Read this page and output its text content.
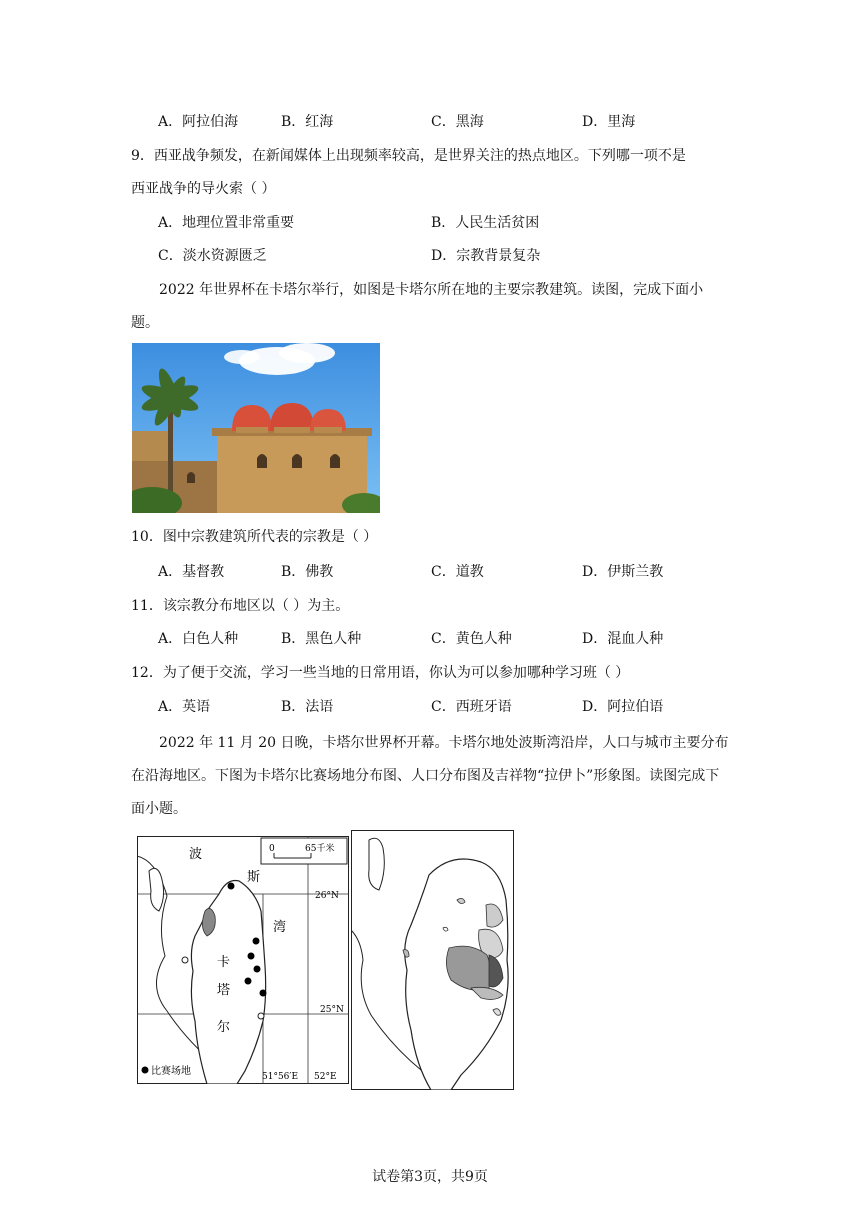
A．阿拉伯海	B．红海	C．黑海	D．里海
9．西亚战争频发，在新闻媒体上出现频率较高，是世界关注的热点地区。下列哪一项不是
西亚战争的导火索（ ）
A．地理位置非常重要	B．人民生活贫困
C．淡水资源匮乏	D．宗教背景复杂
2022 年世界杯在卡塔尔举行，如图是卡塔尔所在地的主要宗教建筑。读图，完成下面小题。
10．图中宗教建筑所代表的宗教是（ ）
A．基督教	B．佛教	C．道教	D．伊斯兰教
11．该宗教分布地区以（ ）为主。
A．白色人种	B．黑色人种	C．黄色人种	D．混血人种
12．为了便于交流，学习一些当地的日常用语，你认为可以参加哪种学习班（ ）
A．英语	B．法语	C．西班牙语	D．阿拉伯语
2022 年 11 月 20 日晚，卡塔尔世界杯开幕。卡塔尔地处波斯湾沿岸，人口与城市主要分布在沿海地区。下图为卡塔尔比赛场地分布图、人口分布图及吉祥物“拉伊卜”形象图。读图完成下面小题。
0	65千米
波
斯
湾
卡
塔
尔
26°N
25°N
51°56′E 52°E
比赛场地
试卷第3页，共9页
